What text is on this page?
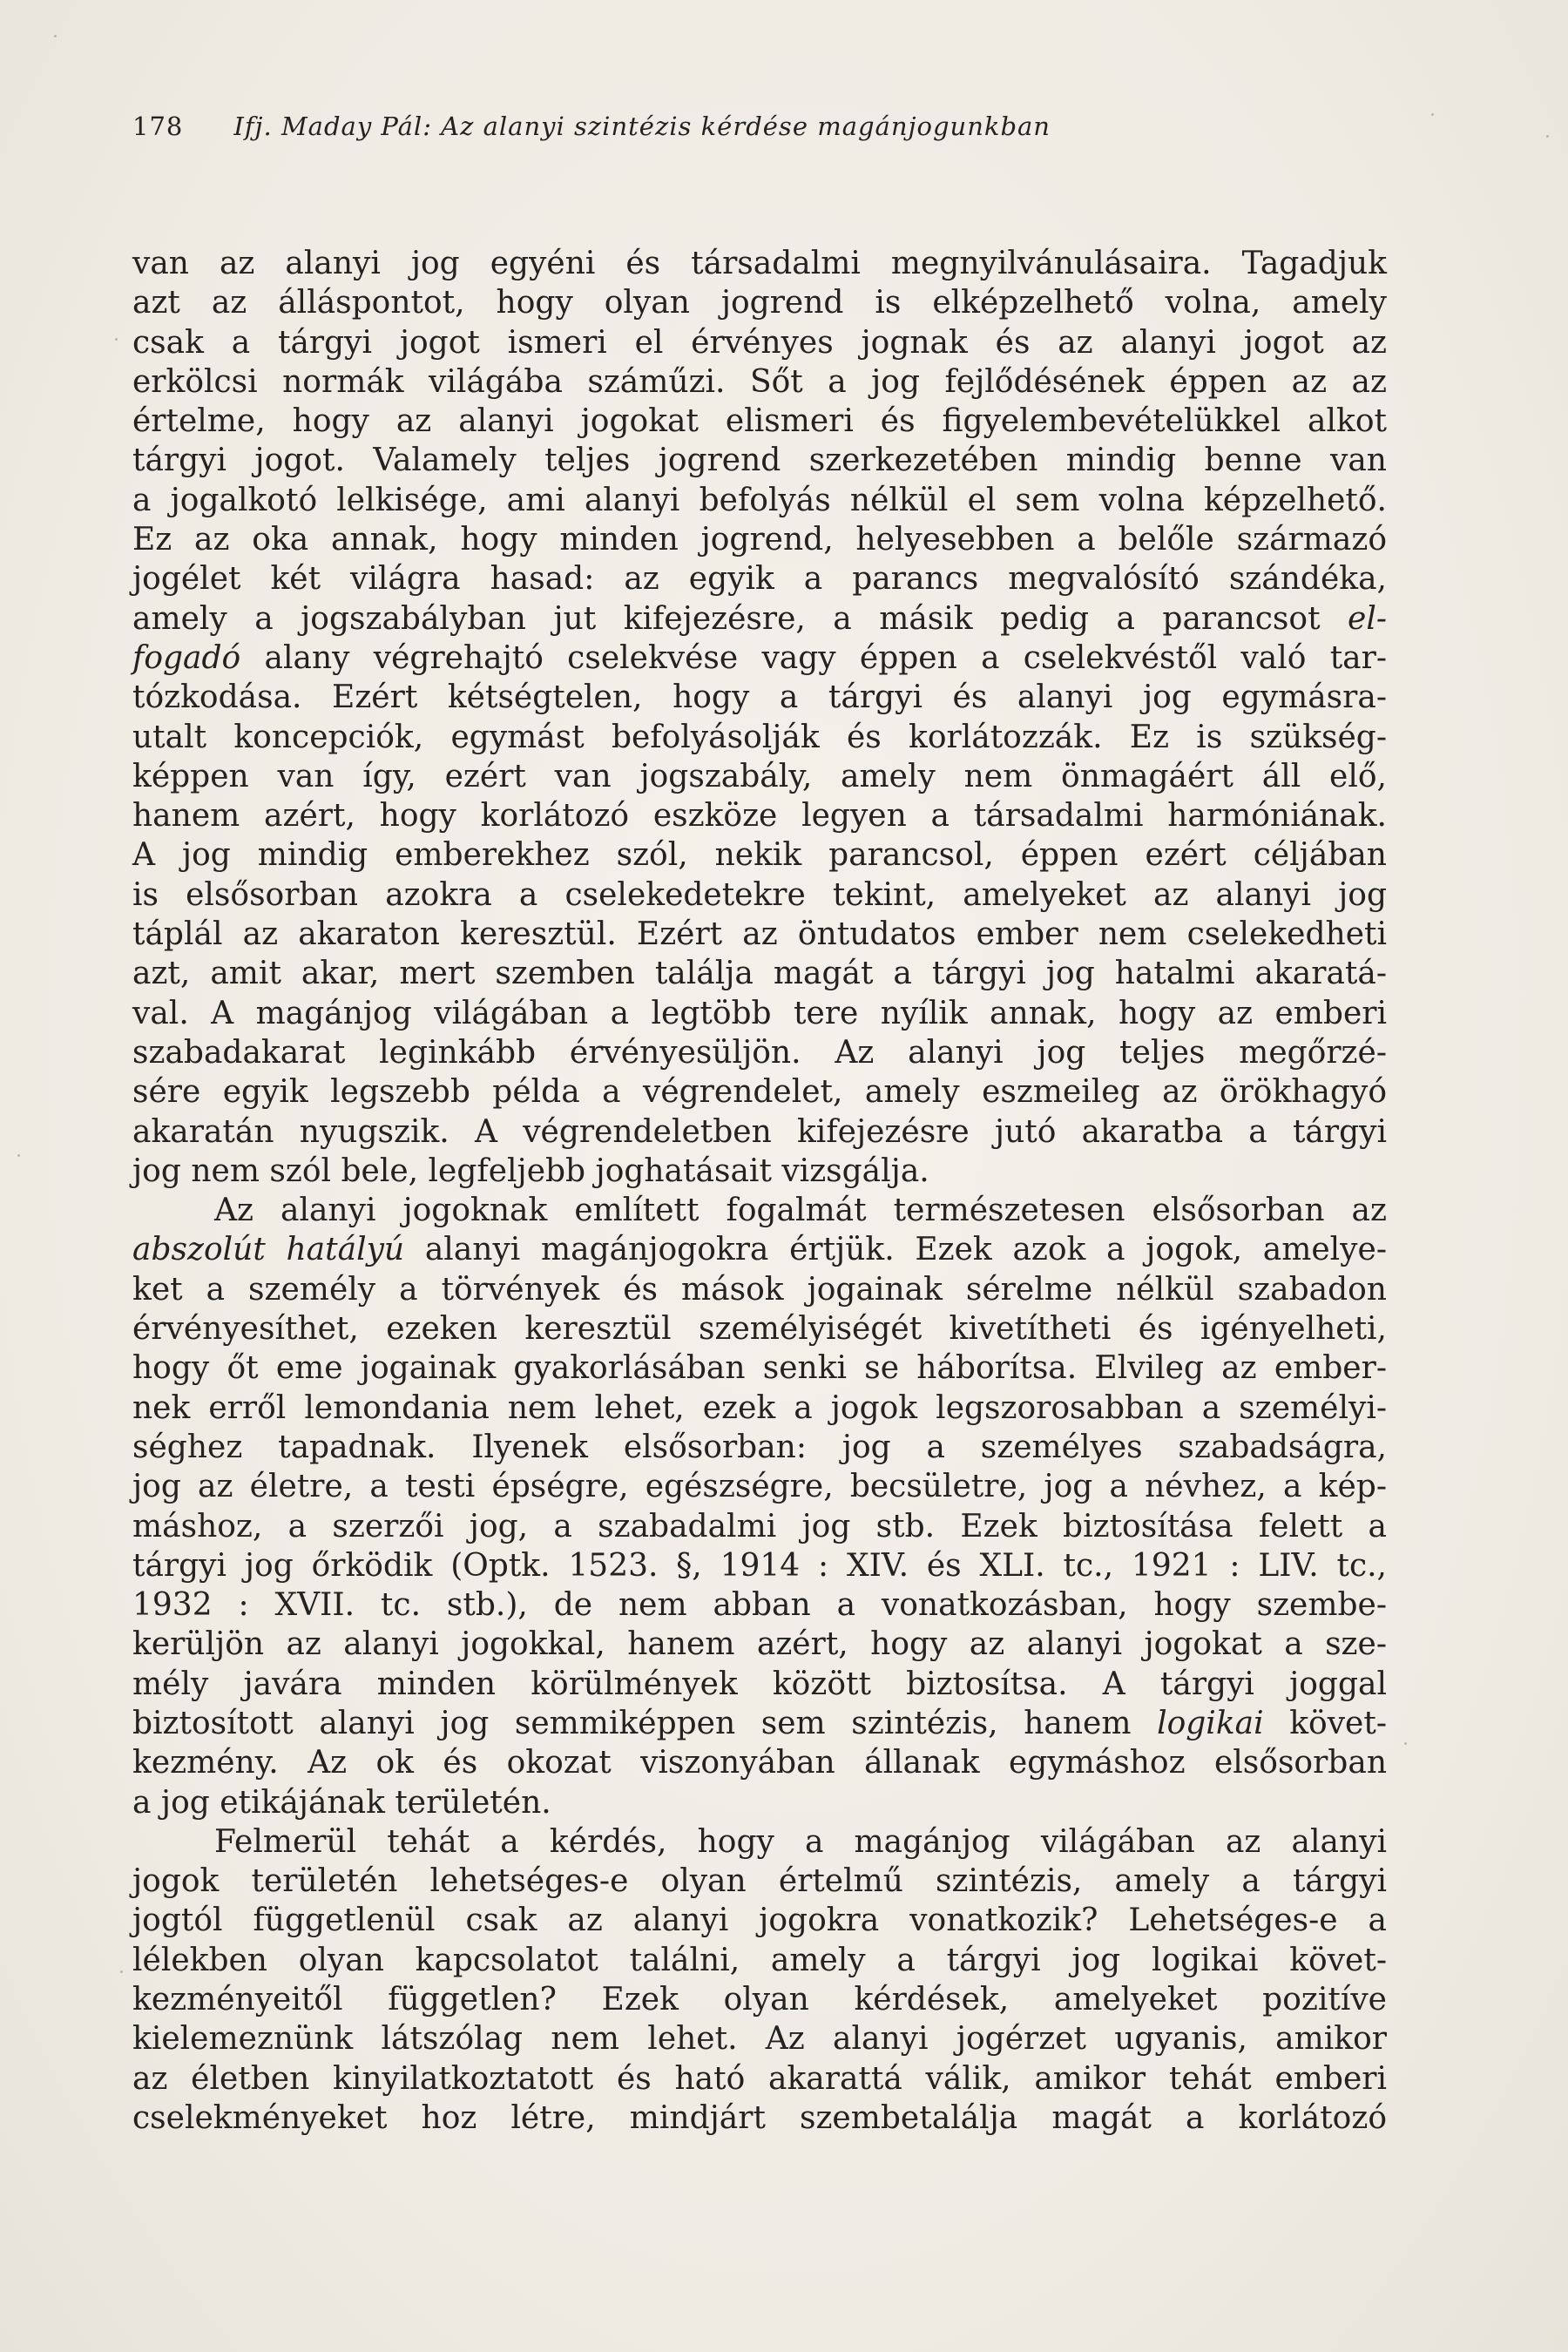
178 Ifj. Maday Pál: Az alanyi szintézis kérdése magánjogunkban
van az alanyi jog egyéni és társadalmi megnyilvánulásaira. Tagadjuk
azt az álláspontot, hogy olyan jogrend is elképzelhető volna, amely
csak a tárgyi jogot ismeri el érvényes jognak és az alanyi jogot az
erkölcsi normák világába száműzi. Sőt a jog fejlődésének éppen az az
értelme, hogy az alanyi jogokat elismeri és figyelembevételükkel alkot
tárgyi jogot. Valamely teljes jogrend szerkezetében mindig benne van
a jogalkotó lelkisége, ami alanyi befolyás nélkül el sem volna képzelhető.
Ez az oka annak, hogy minden jogrend, helyesebben a belőle származó
jogélet két világra hasad: az egyik a parancs megvalósító szándéka,
amely a jogszabályban jut kifejezésre, a másik pedig a parancsot el-
fogadó alany végrehajtó cselekvése vagy éppen a cselekvéstől való tar-
tózkodása. Ezért kétségtelen, hogy a tárgyi és alanyi jog egymásra-
utalt koncepciók, egymást befolyásolják és korlátozzák. Ez is szükség-
képpen van így, ezért van jogszabály, amely nem önmagáért áll elő,
hanem azért, hogy korlátozó eszköze legyen a társadalmi harmóniának.
A jog mindig emberekhez szól, nekik parancsol, éppen ezért céljában
is elsősorban azokra a cselekedetekre tekint, amelyeket az alanyi jog
táplál az akaraton keresztül. Ezért az öntudatos ember nem cselekedheti
azt, amit akar, mert szemben találja magát a tárgyi jog hatalmi akaratá-
val. A magánjog világában a legtöbb tere nyílik annak, hogy az emberi
szabadakarat leginkább érvényesüljön. Az alanyi jog teljes megőrzé-
sére egyik legszebb példa a végrendelet, amely eszmeileg az örökhagyó
akaratán nyugszik. A végrendeletben kifejezésre jutó akaratba a tárgyi
jog nem szól bele, legfeljebb joghatásait vizsgálja.
Az alanyi jogoknak említett fogalmát természetesen elsősorban az
abszolút hatályú alanyi magánjogokra értjük. Ezek azok a jogok, amelye-
ket a személy a törvények és mások jogainak sérelme nélkül szabadon
érvényesíthet, ezeken keresztül személyiségét kivetítheti és igényelheti,
hogy őt eme jogainak gyakorlásában senki se háborítsa. Elvileg az ember-
nek erről lemondania nem lehet, ezek a jogok legszorosabban a személyi-
séghez tapadnak. Ilyenek elsősorban: jog a személyes szabadságra,
jog az életre, a testi épségre, egészségre, becsületre, jog a névhez, a kép-
máshoz, a szerzői jog, a szabadalmi jog stb. Ezek biztosítása felett a
tárgyi jog őrködik (Optk. 1523. §, 1914 : XIV. és XLI. tc., 1921 : LIV. tc.,
1932 : XVII. tc. stb.), de nem abban a vonatkozásban, hogy szembe-
kerüljön az alanyi jogokkal, hanem azért, hogy az alanyi jogokat a sze-
mély javára minden körülmények között biztosítsa. A tárgyi joggal
biztosított alanyi jog semmiképpen sem szintézis, hanem logikai követ-
kezmény. Az ok és okozat viszonyában állanak egymáshoz elsősorban
a jog etikájának területén.
Felmerül tehát a kérdés, hogy a magánjog világában az alanyi
jogok területén lehetséges-e olyan értelmű szintézis, amely a tárgyi
jogtól függetlenül csak az alanyi jogokra vonatkozik? Lehetséges-e a
lélekben olyan kapcsolatot találni, amely a tárgyi jog logikai követ-
kezményeitől független? Ezek olyan kérdések, amelyeket pozitíve
kielemeznünk látszólag nem lehet. Az alanyi jogérzet ugyanis, amikor
az életben kinyilatkoztatott és ható akarattá válik, amikor tehát emberi
cselekményeket hoz létre, mindjárt szembetalálja magát a korlátozó
